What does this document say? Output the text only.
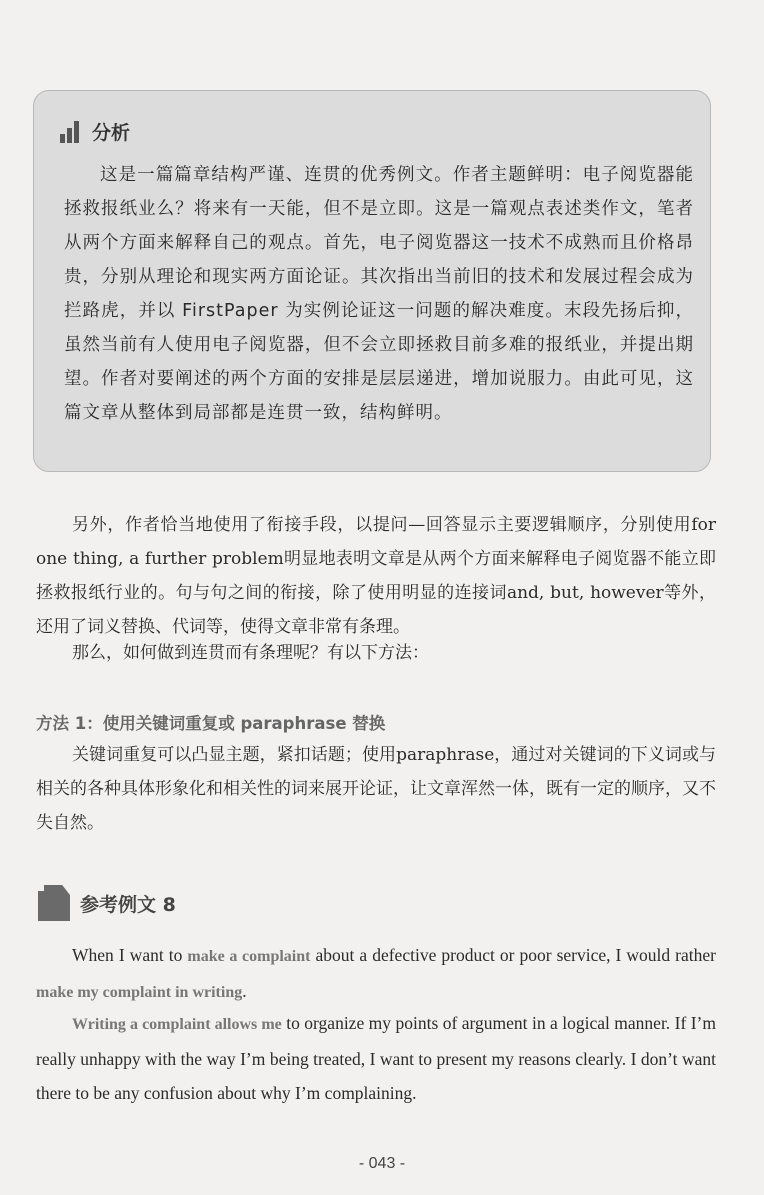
分析
这是一篇篇章结构严谨、连贯的优秀例文。作者主题鲜明：电子阅览器能拯救报纸业么？将来有一天能，但不是立即。这是一篇观点表述类作文，笔者从两个方面来解释自己的观点。首先，电子阅览器这一技术不成熟而且价格昂贵，分别从理论和现实两方面论证。其次指出当前旧的技术和发展过程会成为拦路虎，并以 FirstPaper 为实例论证这一问题的解决难度。末段先扬后抑，虽然当前有人使用电子阅览器，但不会立即拯救目前多难的报纸业，并提出期望。作者对要阐述的两个方面的安排是层层递进，增加说服力。由此可见，这篇文章从整体到局部都是连贯一致，结构鲜明。
另外，作者恰当地使用了衔接手段，以提问—回答显示主要逻辑顺序，分别使用for one thing, a further problem明显地表明文章是从两个方面来解释电子阅览器不能立即拯救报纸行业的。句与句之间的衔接，除了使用明显的连接词and, but, however等外，还用了词义替换、代词等，使得文章非常有条理。
那么，如何做到连贯而有条理呢？有以下方法：
方法 1：使用关键词重复或 paraphrase 替换
关键词重复可以凸显主题，紧扣话题；使用paraphrase，通过对关键词的下义词或与相关的各种具体形象化和相关性的词来展开论证，让文章浑然一体，既有一定的顺序，又不失自然。
参考例文 8
When I want to make a complaint about a defective product or poor service, I would rather make my complaint in writing.
Writing a complaint allows me to organize my points of argument in a logical manner. If I’m really unhappy with the way I’m being treated, I want to present my reasons clearly. I don’t want there to be any confusion about why I’m complaining.
- 043 -
